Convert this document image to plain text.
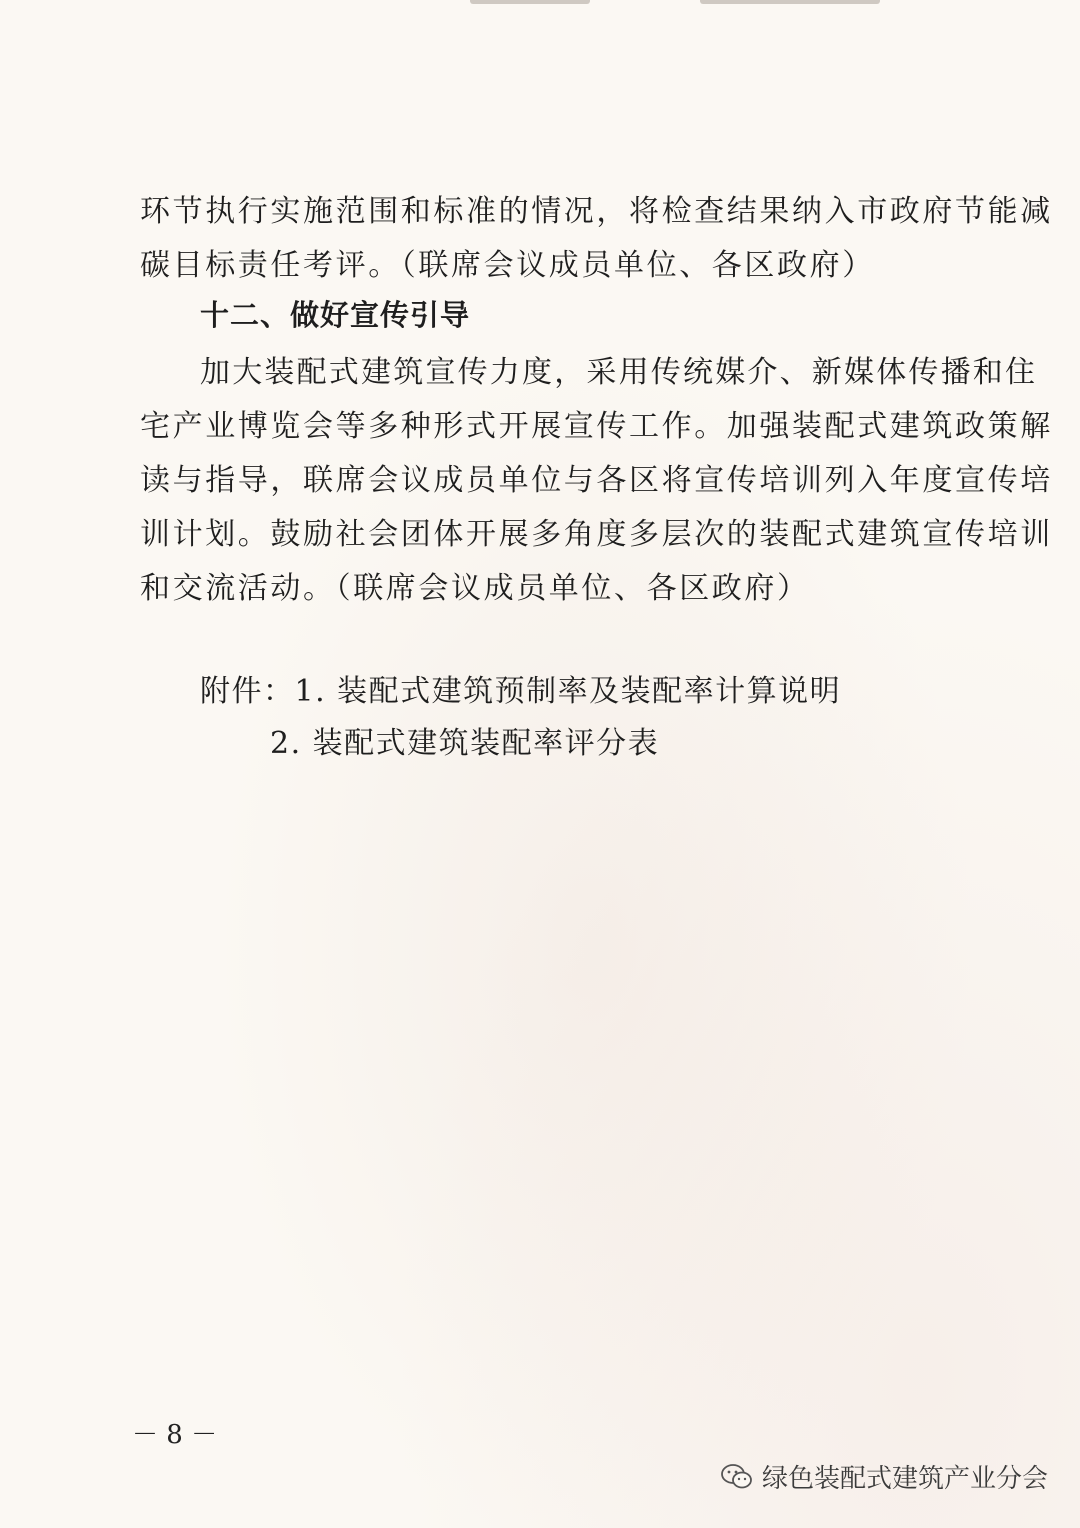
环节执行实施范围和标准的情况，将检查结果纳入市政府节能减
碳目标责任考评。（联席会议成员单位、各区政府）
十二、做好宣传引导
加大装配式建筑宣传力度，采用传统媒介、新媒体传播和住
宅产业博览会等多种形式开展宣传工作。加强装配式建筑政策解
读与指导，联席会议成员单位与各区将宣传培训列入年度宣传培
训计划。鼓励社会团体开展多角度多层次的装配式建筑宣传培训
和交流活动。（联席会议成员单位、各区政府）
附件：1. 装配式建筑预制率及装配率计算说明
2. 装配式建筑装配率评分表
－ 8 －
绿色装配式建筑产业分会
